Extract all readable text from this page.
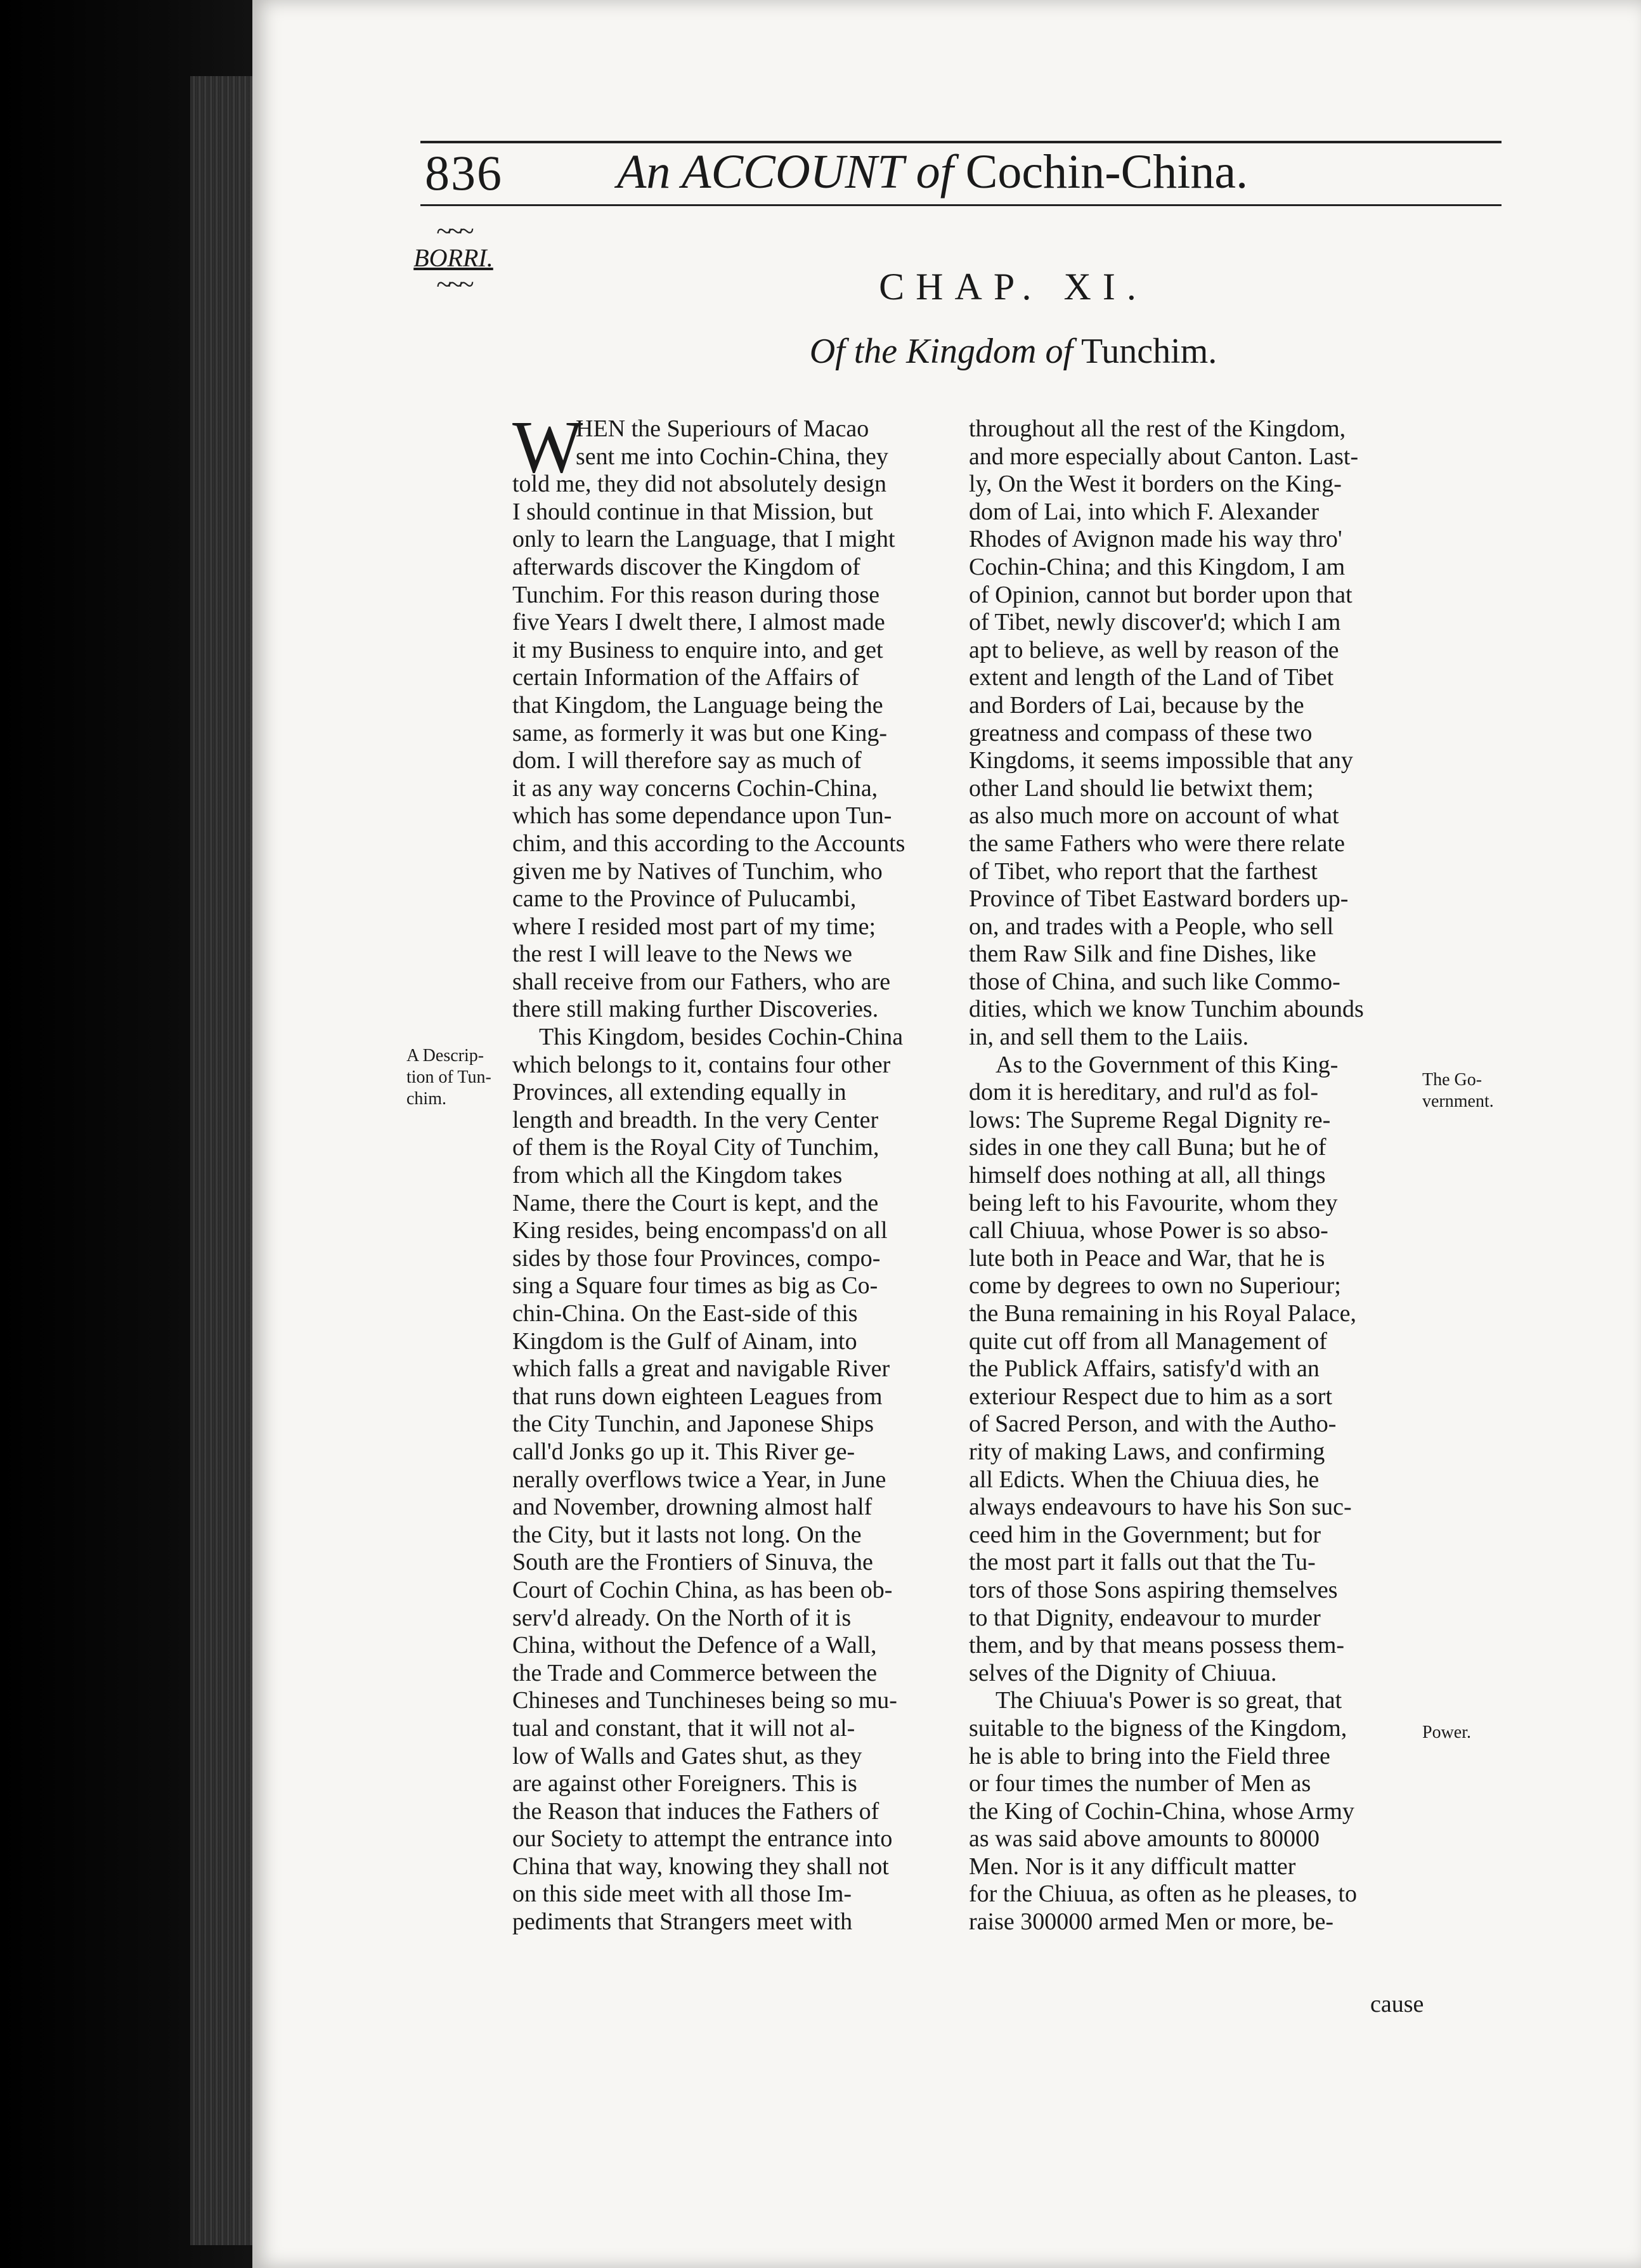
836 An ACCOUNT of Cochin-China.
~~~
BORRI.
~~~	CHAP. XI.
Of the Kingdom of Tunchim.
W
HEN the Superiours of Macao
sent me into Cochin-China, they
told me, they did not absolutely design
I should continue in that Mission, but
only to learn the Language, that I might
afterwards discover the Kingdom of
Tunchim. For this reason during those
five Years I dwelt there, I almost made
it my Business to enquire into, and get
certain Information of the Affairs of
that Kingdom, the Language being the
same, as formerly it was but one King-
dom. I will therefore say as much of
it as any way concerns Cochin-China,
which has some dependance upon Tun-
chim, and this according to the Accounts
given me by Natives of Tunchim, who
came to the Province of Pulucambi,
where I resided most part of my time;
the rest I will leave to the News we
shall receive from our Fathers, who are
there still making further Discoveries.
This Kingdom, besides Cochin-China
which belongs to it, contains four other
Provinces, all extending equally in
length and breadth. In the very Center
of them is the Royal City of Tunchim,
from which all the Kingdom takes
Name, there the Court is kept, and the
King resides, being encompass'd on all
sides by those four Provinces, compo-
sing a Square four times as big as Co-
chin-China. On the East-side of this
Kingdom is the Gulf of Ainam, into
which falls a great and navigable River
that runs down eighteen Leagues from
the City Tunchin, and Japonese Ships
call'd Jonks go up it. This River ge-
nerally overflows twice a Year, in June
and November, drowning almost half
the City, but it lasts not long. On the
South are the Frontiers of Sinuva, the
Court of Cochin China, as has been ob-
serv'd already. On the North of it is
China, without the Defence of a Wall,
the Trade and Commerce between the
Chineses and Tunchineses being so mu-
tual and constant, that it will not al-
low of Walls and Gates shut, as they
are against other Foreigners. This is
the Reason that induces the Fathers of
our Society to attempt the entrance into
China that way, knowing they shall not
on this side meet with all those Im-
pediments that Strangers meet with
throughout all the rest of the Kingdom,
and more especially about Canton. Last-
ly, On the West it borders on the King-
dom of Lai, into which F. Alexander
Rhodes of Avignon made his way thro'
Cochin-China; and this Kingdom, I am
of Opinion, cannot but border upon that
of Tibet, newly discover'd; which I am
apt to believe, as well by reason of the
extent and length of the Land of Tibet
and Borders of Lai, because by the
greatness and compass of these two
Kingdoms, it seems impossible that any
other Land should lie betwixt them;
as also much more on account of what
the same Fathers who were there relate
of Tibet, who report that the farthest
Province of Tibet Eastward borders up-
on, and trades with a People, who sell
them Raw Silk and fine Dishes, like
those of China, and such like Commo-
dities, which we know Tunchim abounds
in, and sell them to the Laiis.
As to the Government of this King-
dom it is hereditary, and rul'd as fol-
lows: The Supreme Regal Dignity re-
sides in one they call Buna; but he of
himself does nothing at all, all things
being left to his Favourite, whom they
call Chiuua, whose Power is so abso-
lute both in Peace and War, that he is
come by degrees to own no Superiour;
the Buna remaining in his Royal Palace,
quite cut off from all Management of
the Publick Affairs, satisfy'd with an
exteriour Respect due to him as a sort
of Sacred Person, and with the Autho-
rity of making Laws, and confirming
all Edicts. When the Chiuua dies, he
always endeavours to have his Son suc-
ceed him in the Government; but for
the most part it falls out that the Tu-
tors of those Sons aspiring themselves
to that Dignity, endeavour to murder
them, and by that means possess them-
selves of the Dignity of Chiuua.
The Chiuua's Power is so great, that
suitable to the bigness of the Kingdom,
he is able to bring into the Field three
or four times the number of Men as
the King of Cochin-China, whose Army
as was said above amounts to 80000
Men. Nor is it any difficult matter
for the Chiuua, as often as he pleases, to
raise 300000 armed Men or more, be-
A Descrip-
tion of Tun-
chim.
The Go-
vernment.
Power.
cause
